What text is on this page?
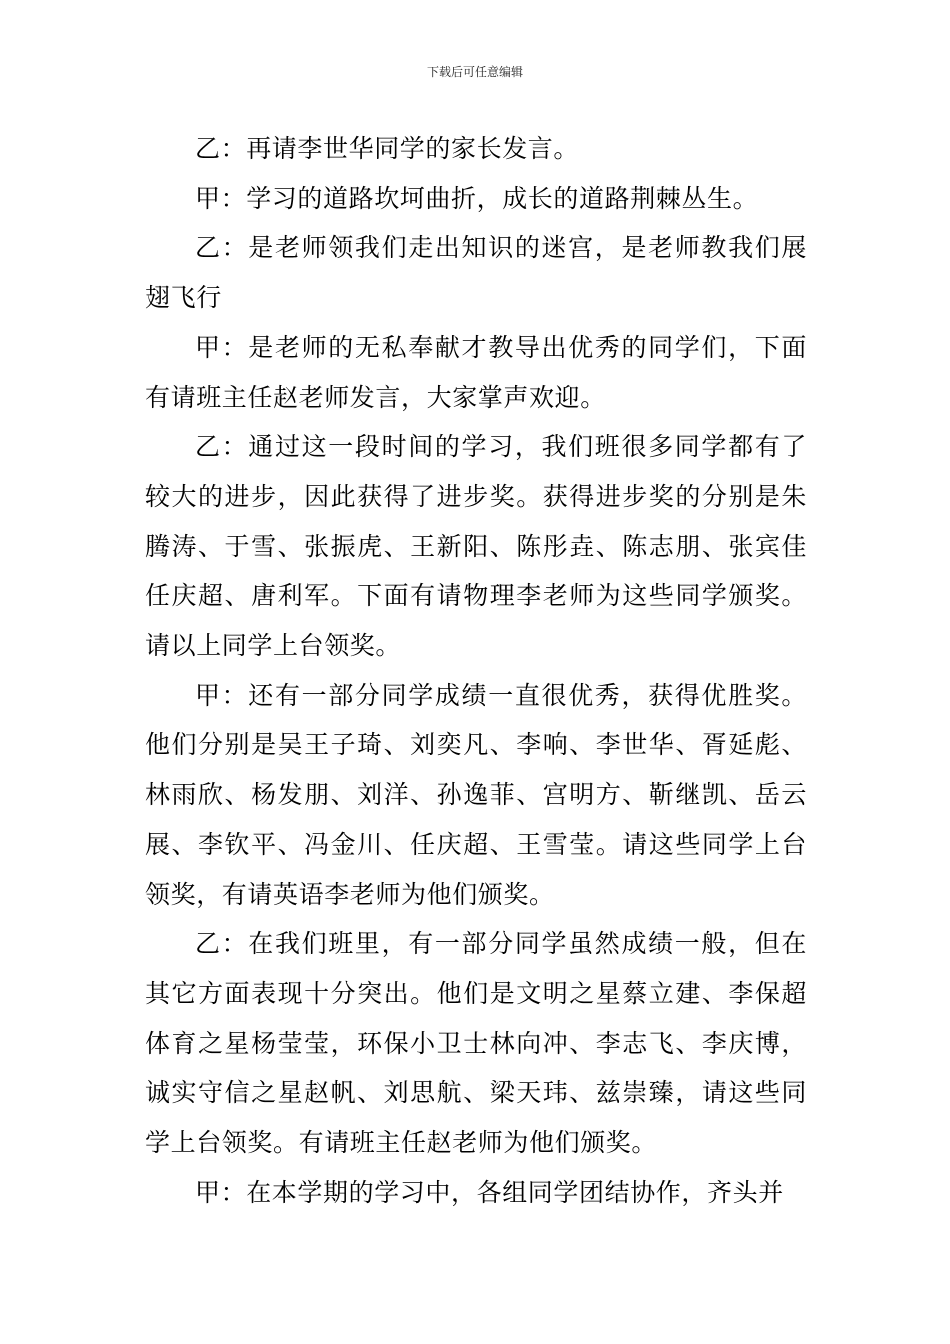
下载后可任意编辑

乙：再请李世华同学的家长发言。

甲：学习的道路坎坷曲折，成长的道路荆棘丛生。

乙：是老师领我们走出知识的迷宫，是老师教我们展翅飞行

甲：是老师的无私奉献才教导出优秀的同学们，下面有请班主任赵老师发言，大家掌声欢迎。

乙：通过这一段时间的学习，我们班很多同学都有了较大的进步，因此获得了进步奖。获得进步奖的分别是朱腾涛、于雪、张振虎、王新阳、陈彤垚、陈志朋、张宾佳任庆超、唐利军。下面有请物理李老师为这些同学颁奖。请以上同学上台领奖。

甲：还有一部分同学成绩一直很优秀，获得优胜奖。他们分别是吴王子琦、刘奕凡、李响、李世华、胥延彪、林雨欣、杨发朋、刘洋、孙逸菲、宫明方、靳继凯、岳云展、李钦平、冯金川、任庆超、王雪莹。请这些同学上台领奖，有请英语李老师为他们颁奖。

乙：在我们班里，有一部分同学虽然成绩一般，但在其它方面表现十分突出。他们是文明之星蔡立建、李保超体育之星杨莹莹，环保小卫士林向冲、李志飞、李庆博，诚实守信之星赵帆、刘思航、梁天玮、兹崇臻，请这些同学上台领奖。有请班主任赵老师为他们颁奖。

甲：在本学期的学习中，各组同学团结协作，齐头并
